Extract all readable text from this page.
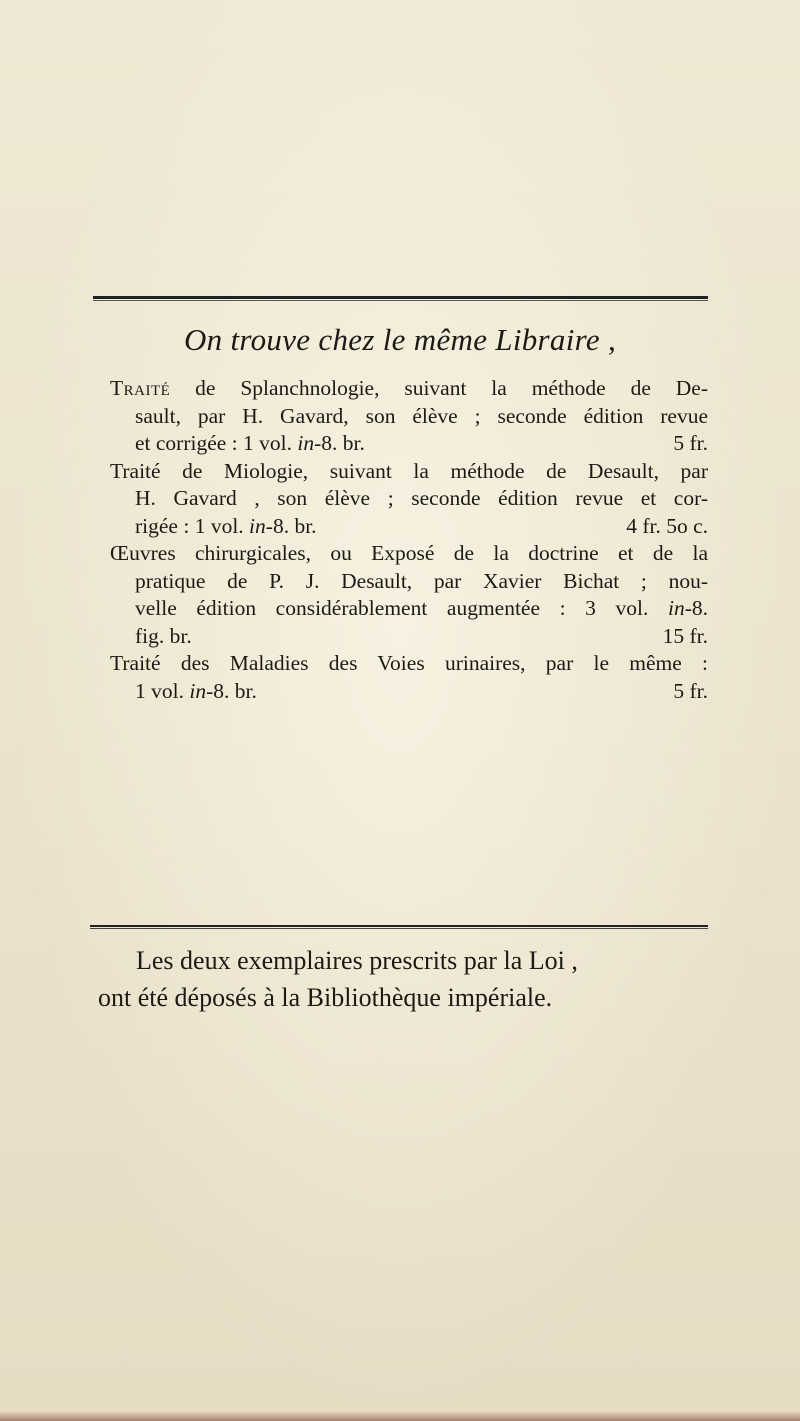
On trouve chez le même Libraire ,
Traité de Splanchnologie, suivant la méthode de De-
sault, par H. Gavard, son élève ; seconde édition revue
et corrigée : 1 vol. in-8. br.	5 fr.
Traité de Miologie, suivant la méthode de Desault, par
H. Gavard , son élève ; seconde édition revue et cor-
rigée : 1 vol. in-8. br.	4 fr. 5o c.
Œuvres chirurgicales, ou Exposé de la doctrine et de la
pratique de P. J. Desault, par Xavier Bichat ; nou-
velle édition considérablement augmentée : 3 vol. in-8.
fig. br.	15 fr.
Traité des Maladies des Voies urinaires, par le même :
1 vol. in-8. br.	5 fr.
Les deux exemplaires prescrits par la Loi ,
ont été déposés à la Bibliothèque impériale.
